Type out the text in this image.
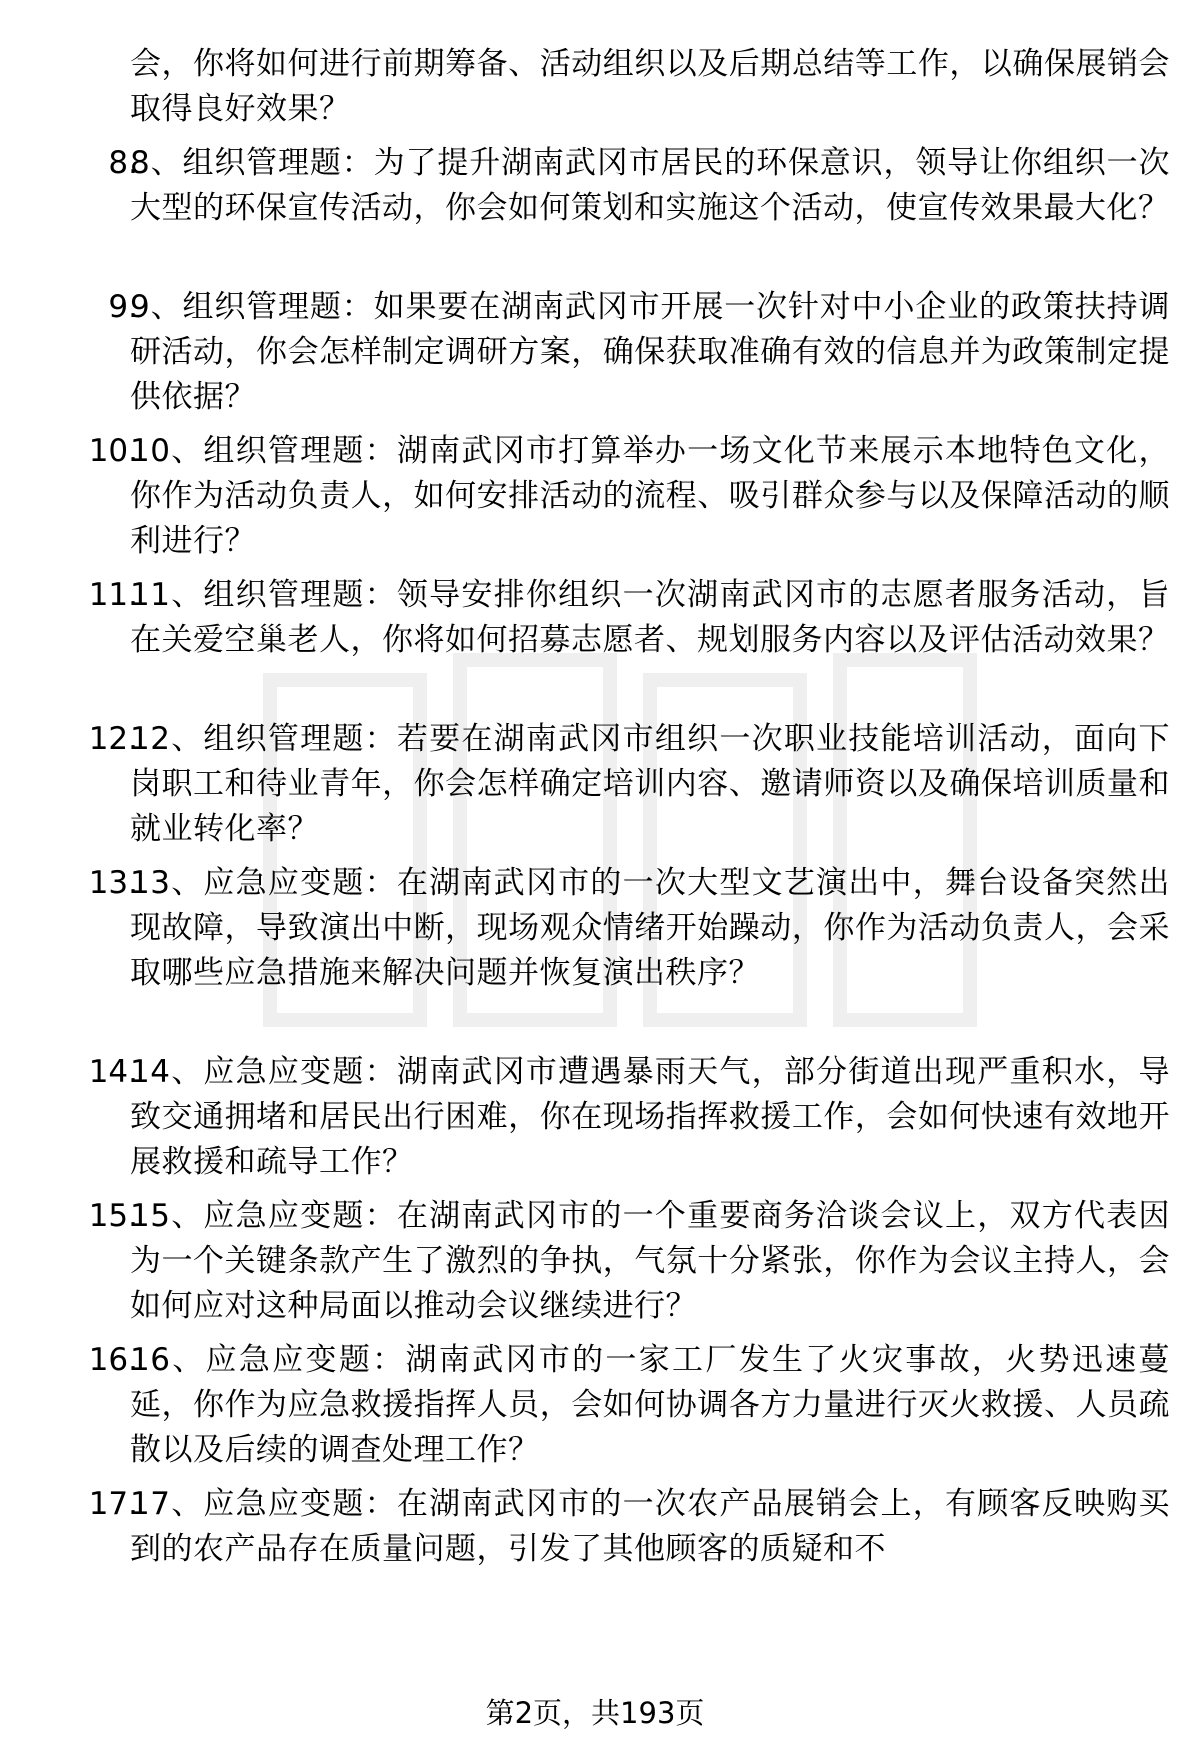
会，你将如何进行前期筹备、活动组织以及后期总结等工作，以确保展销会取得良好效果？
8.
8、组织管理题：为了提升湖南武冈市居民的环保意识，领导让你组织一次大型的环保宣传活动，你会如何策划和实施这个活动，使宣传效果最大化？
9.
9、组织管理题：如果要在湖南武冈市开展一次针对中小企业的政策扶持调研活动，你会怎样制定调研方案，确保获取准确有效的信息并为政策制定提供依据？
10.
10、组织管理题：湖南武冈市打算举办一场文化节来展示本地特色文化，你作为活动负责人，如何安排活动的流程、吸引群众参与以及保障活动的顺利进行？
11.
11、组织管理题：领导安排你组织一次湖南武冈市的志愿者服务活动，旨在关爱空巢老人，你将如何招募志愿者、规划服务内容以及评估活动效果？
12.
12、组织管理题：若要在湖南武冈市组织一次职业技能培训活动，面向下岗职工和待业青年，你会怎样确定培训内容、邀请师资以及确保培训质量和就业转化率？
13.
13、应急应变题：在湖南武冈市的一次大型文艺演出中，舞台设备突然出现故障，导致演出中断，现场观众情绪开始躁动，你作为活动负责人，会采取哪些应急措施来解决问题并恢复演出秩序？
14.
14、应急应变题：湖南武冈市遭遇暴雨天气，部分街道出现严重积水，导致交通拥堵和居民出行困难，你在现场指挥救援工作，会如何快速有效地开展救援和疏导工作？
15.
15、应急应变题：在湖南武冈市的一个重要商务洽谈会议上，双方代表因为一个关键条款产生了激烈的争执，气氛十分紧张，你作为会议主持人，会如何应对这种局面以推动会议继续进行？
16.
16、应急应变题：湖南武冈市的一家工厂发生了火灾事故，火势迅速蔓延，你作为应急救援指挥人员，会如何协调各方力量进行灭火救援、人员疏散以及后续的调查处理工作？
17.
17、应急应变题：在湖南武冈市的一次农产品展销会上，有顾客反映购买到的农产品存在质量问题，引发了其他顾客的质疑和不
第2页，共193页
